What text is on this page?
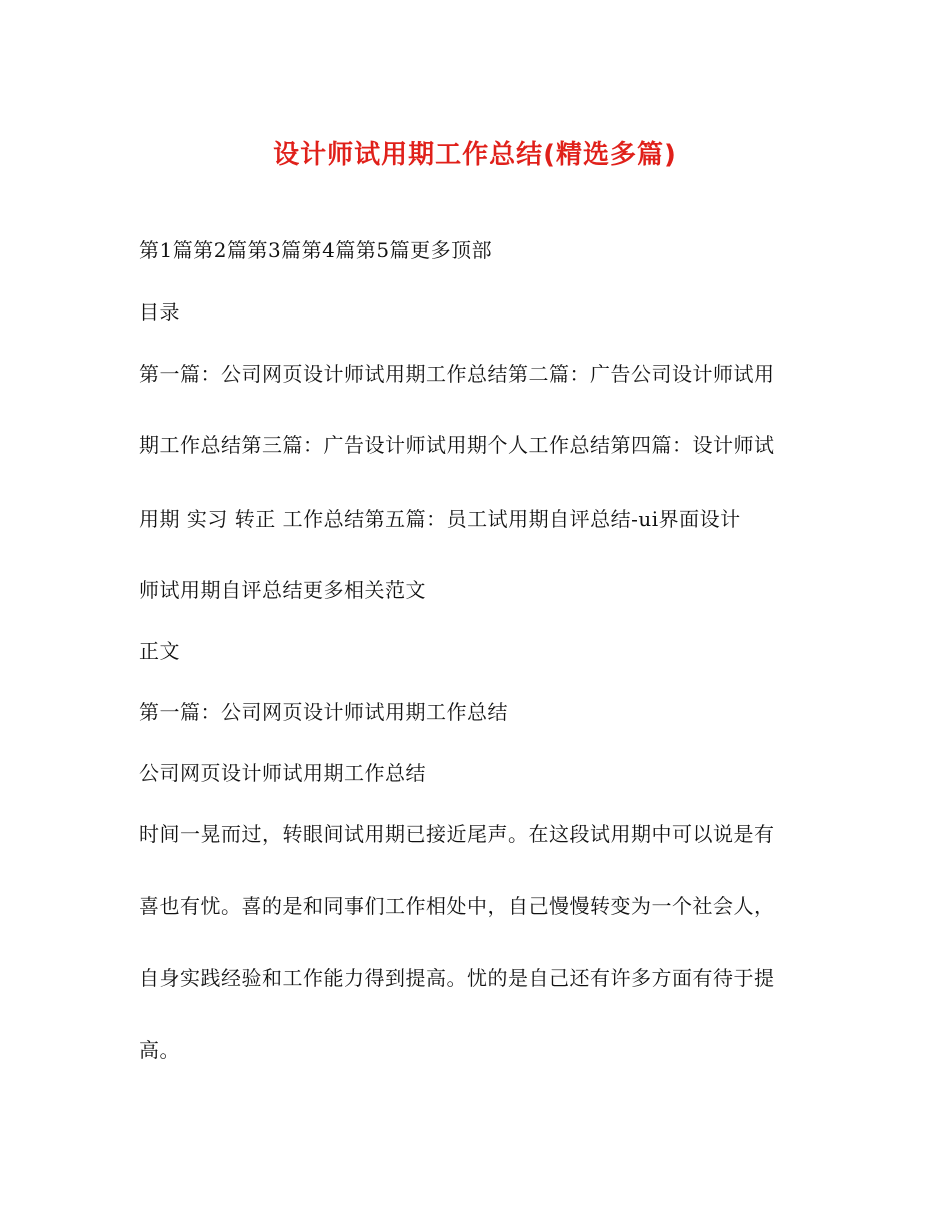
设计师试用期工作总结(精选多篇)
第1篇第2篇第3篇第4篇第5篇更多顶部
目录
第一篇：公司网页设计师试用期工作总结第二篇：广告公司设计师试用
期工作总结第三篇：广告设计师试用期个人工作总结第四篇：设计师试
用期 实习 转正 工作总结第五篇：员工试用期自评总结-ui界面设计
师试用期自评总结更多相关范文
正文
第一篇：公司网页设计师试用期工作总结
公司网页设计师试用期工作总结
时间一晃而过，转眼间试用期已接近尾声。在这段试用期中可以说是有
喜也有忧。喜的是和同事们工作相处中，自己慢慢转变为一个社会人，
自身实践经验和工作能力得到提高。忧的是自己还有许多方面有待于提
高。
